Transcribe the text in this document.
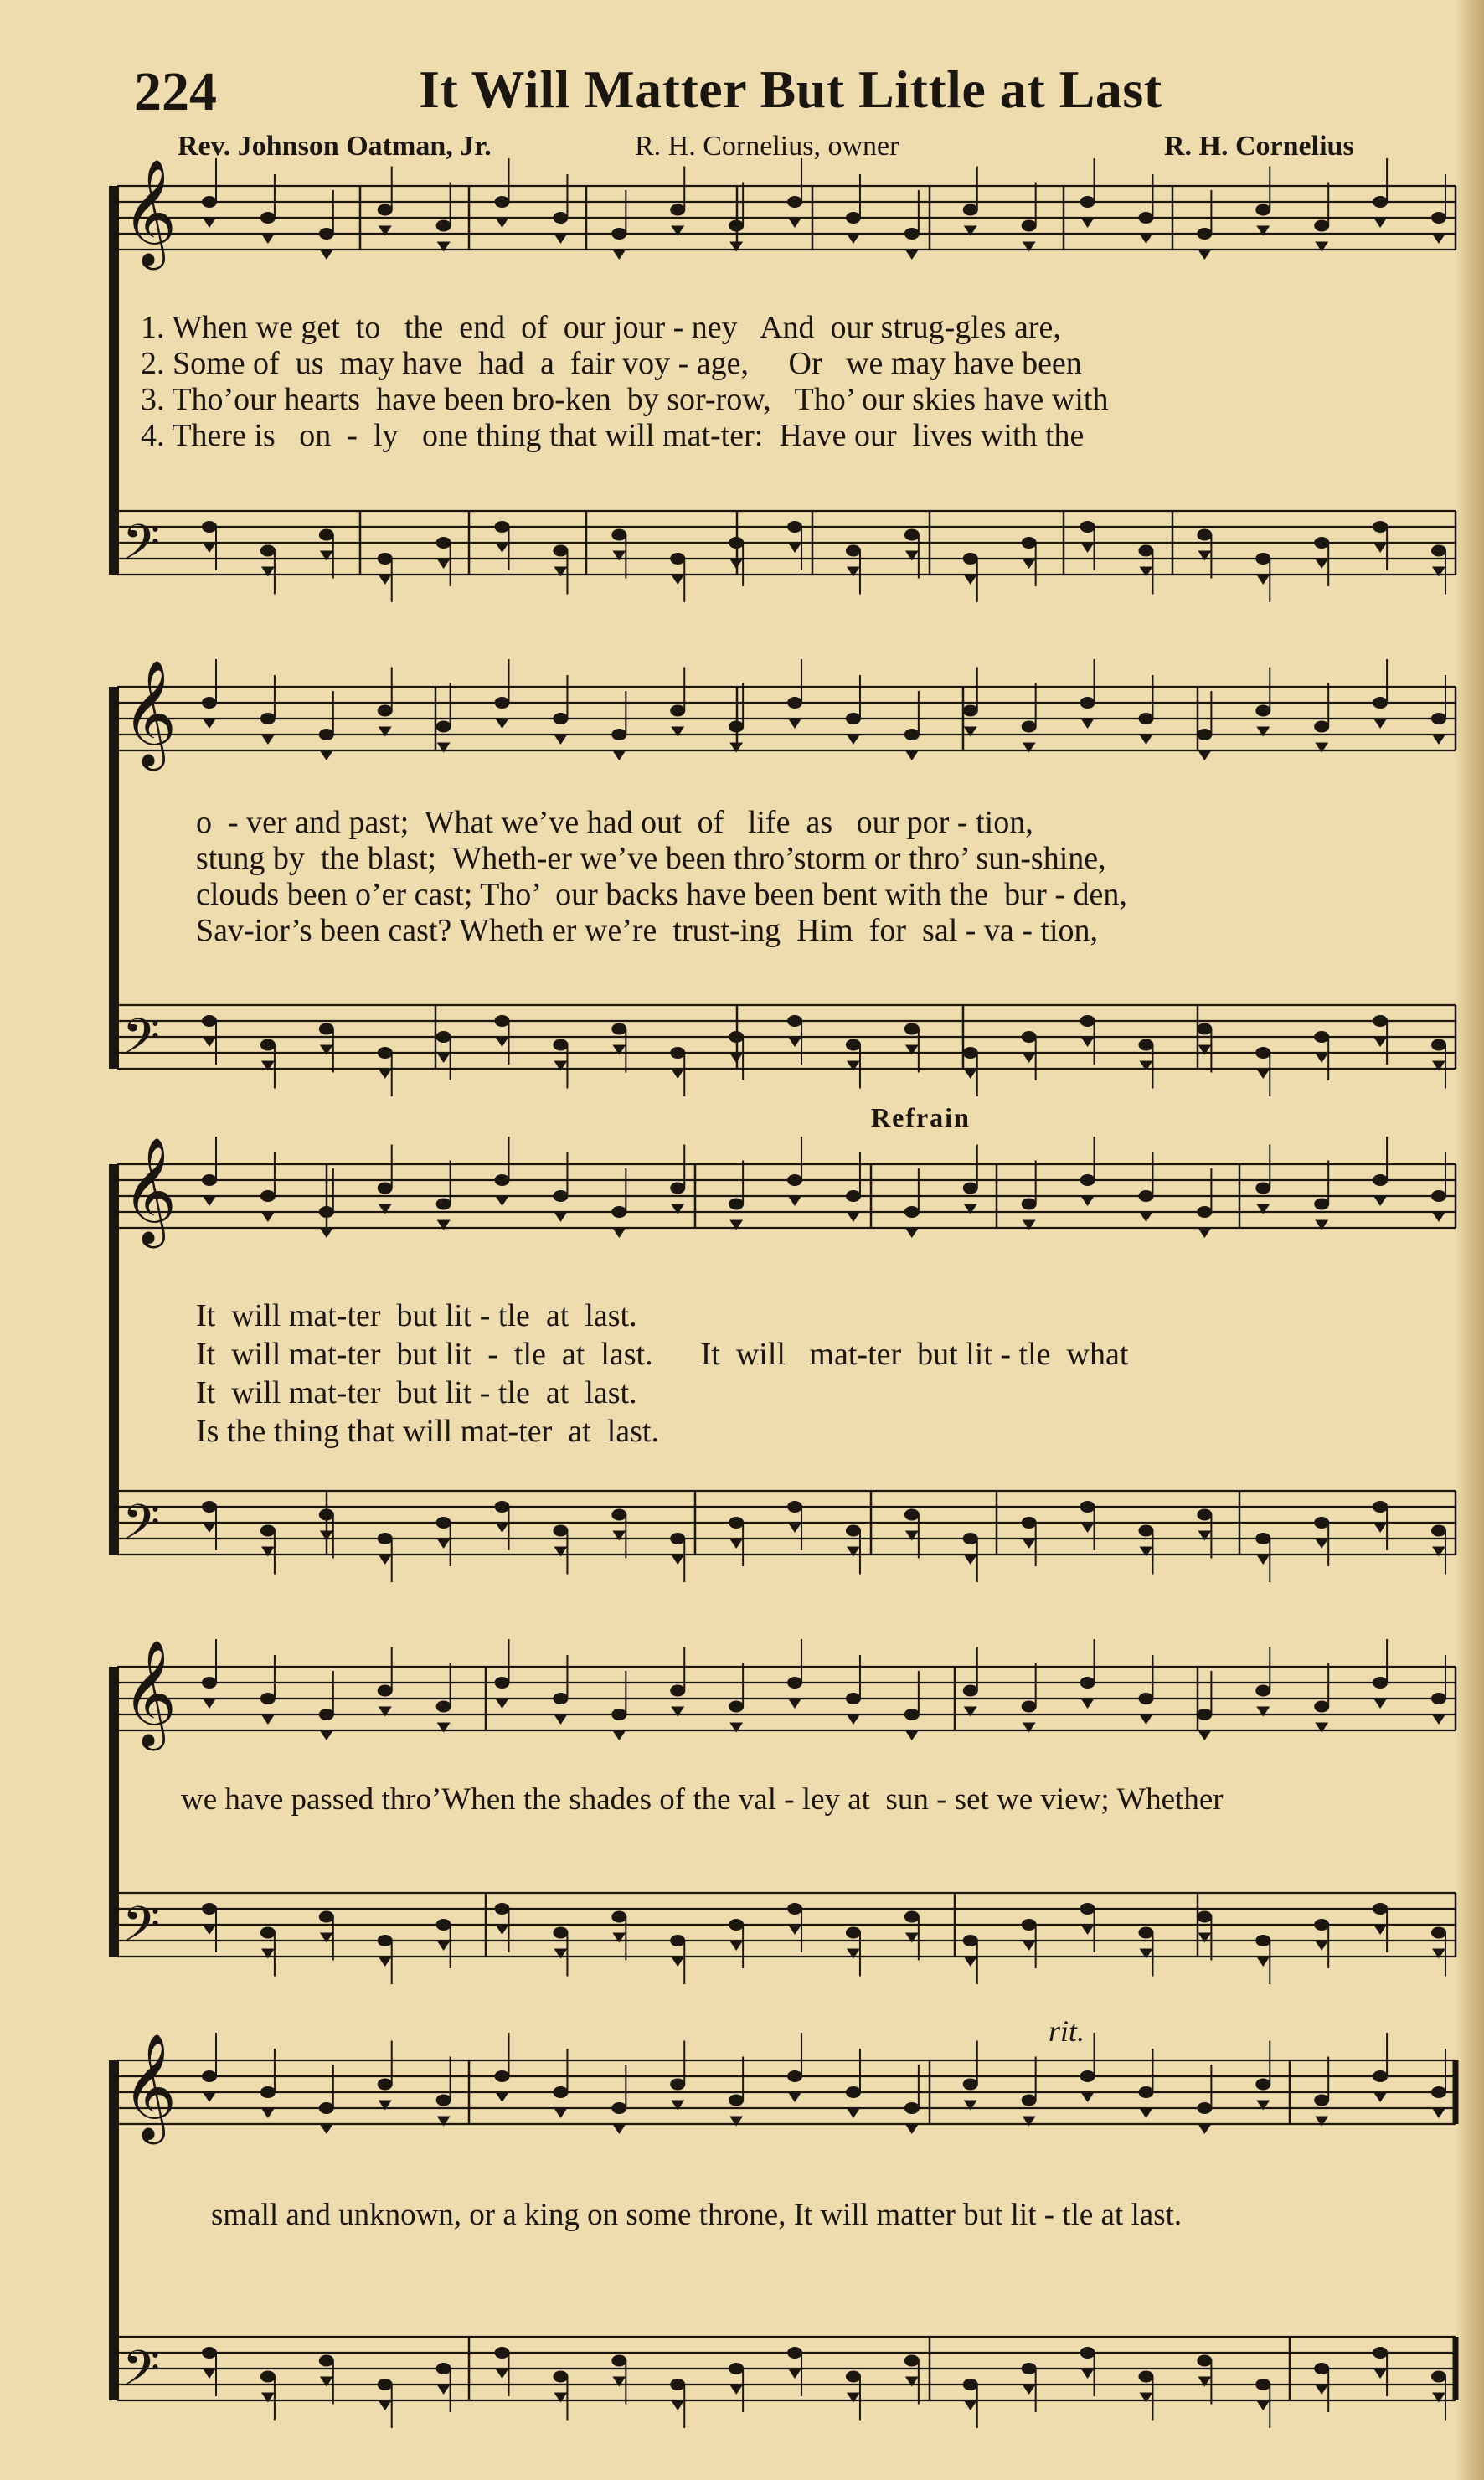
224	It Will Matter But Little at Last
Rev. Johnson Oatman, Jr.	R. H. Cornelius, owner	R. H. Cornelius
𝄞
𝄢
𝄞
𝄢
𝄞
𝄢
𝄞
𝄢
𝄞
𝄢
1. When we get  to   the  end  of  our jour - ney   And  our strug-gles are,
2. Some of  us  may have  had  a  fair voy - age,     Or   we may have been
3. Tho’our hearts  have been bro-ken  by sor-row,   Tho’ our skies have with
4. There is   on  -  ly   one thing that will mat-ter:  Have our  lives with the
o  - ver and past;  What we’ve had out  of   life  as   our por - tion,
stung by  the blast;  Wheth-er we’ve been thro’storm or thro’ sun-shine,
clouds been o’er cast; Tho’  our backs have been bent with the  bur - den,
Sav-ior’s been cast? Wheth er we’re  trust-ing  Him  for  sal - va - tion,
Refrain
It  will mat-ter  but lit - tle  at  last.
It  will mat-ter  but lit  -  tle  at  last.      It  will   mat-ter  but lit - tle  what
It  will mat-ter  but lit - tle  at  last.
Is the thing that will mat-ter  at  last.
we have passed thro’When the shades of the val - ley at  sun - set we view; Whether
rit.
small and unknown, or a king on some throne, It will matter but lit - tle at last.
